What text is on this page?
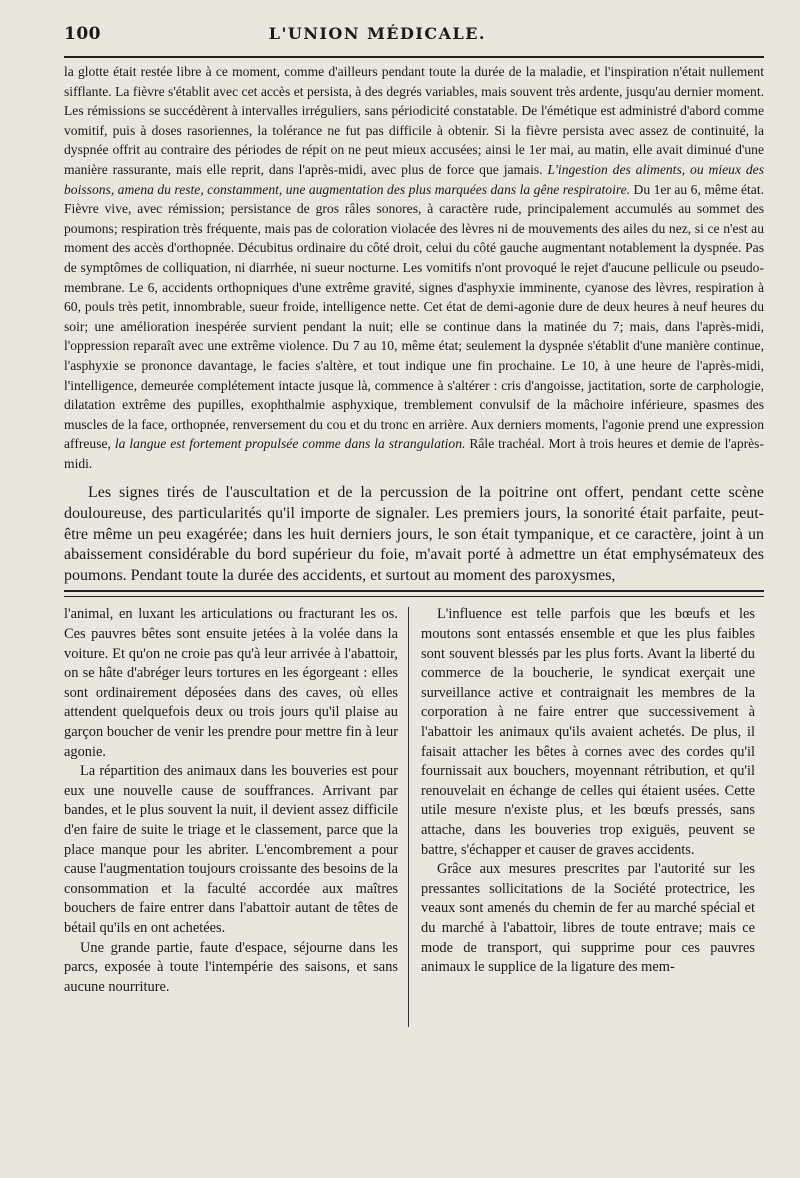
100	L'UNION MÉDICALE.

la glotte était restée libre à ce moment, comme d'ailleurs pendant toute la durée de la maladie, et l'inspiration n'était nullement sifflante. La fièvre s'établit avec cet accès et persista, à des degrés variables, mais souvent très ardente, jusqu'au dernier moment. Les rémissions se succédèrent à intervalles irréguliers, sans périodicité constatable. De l'émétique est administré d'abord comme vomitif, puis à doses rasoriennes, la tolérance ne fut pas difficile à obtenir. Si la fièvre persista avec assez de continuité, la dyspnée offrit au contraire des périodes de répit on ne peut mieux accusées; ainsi le 1er mai, au matin, elle avait diminué d'une manière rassurante, mais elle reprit, dans l'après-midi, avec plus de force que jamais. L'ingestion des aliments, ou mieux des boissons, amena du reste, constamment, une augmentation des plus marquées dans la gêne respiratoire. Du 1er au 6, même état. Fièvre vive, avec rémission; persistance de gros râles sonores, à caractère rude, principalement accumulés au sommet des poumons; respiration très fréquente, mais pas de coloration violacée des lèvres ni de mouvements des ailes du nez, si ce n'est au moment des accès d'orthopnée. Décubitus ordinaire du côté droit, celui du côté gauche augmentant notablement la dyspnée. Pas de symptômes de colliquation, ni diarrhée, ni sueur nocturne. Les vomitifs n'ont provoqué le rejet d'aucune pellicule ou pseudo-membrane. Le 6, accidents orthopniques d'une extrême gravité, signes d'asphyxie imminente, cyanose des lèvres, respiration à 60, pouls très petit, innombrable, sueur froide, intelligence nette. Cet état de demi-agonie dure de deux heures à neuf heures du soir; une amélioration inespérée survient pendant la nuit; elle se continue dans la matinée du 7; mais, dans l'après-midi, l'oppression reparaît avec une extrême violence. Du 7 au 10, même état; seulement la dyspnée s'établit d'une manière continue, l'asphyxie se prononce davantage, le facies s'altère, et tout indique une fin prochaine. Le 10, à une heure de l'après-midi, l'intelligence, demeurée complétement intacte jusque là, commence à s'altérer : cris d'angoisse, jactitation, sorte de carphologie, dilatation extrême des pupilles, exophthalmie asphyxique, tremblement convulsif de la mâchoire inférieure, spasmes des muscles de la face, orthopnée, renversement du cou et du tronc en arrière. Aux derniers moments, l'agonie prend une expression affreuse, la langue est fortement propulsée comme dans la strangulation. Râle trachéal. Mort à trois heures et demie de l'après-midi.

Les signes tirés de l'auscultation et de la percussion de la poitrine ont offert, pendant cette scène douloureuse, des particularités qu'il importe de signaler. Les premiers jours, la sonorité était parfaite, peut-être même un peu exagérée; dans les huit derniers jours, le son était tympanique, et ce caractère, joint à un abaissement considérable du bord supérieur du foie, m'avait porté à admettre un état emphysémateux des poumons. Pendant toute la durée des accidents, et surtout au moment des paroxysmes,

l'animal, en luxant les articulations ou fracturant les os. Ces pauvres bêtes sont ensuite jetées à la volée dans la voiture. Et qu'on ne croie pas qu'à leur arrivée à l'abattoir, on se hâte d'abréger leurs tortures en les égorgeant : elles sont ordinairement déposées dans des caves, où elles attendent quelquefois deux ou trois jours qu'il plaise au garçon boucher de venir les prendre pour mettre fin à leur agonie.

La répartition des animaux dans les bouveries est pour eux une nouvelle cause de souffrances. Arrivant par bandes, et le plus souvent la nuit, il devient assez difficile d'en faire de suite le triage et le classement, parce que la place manque pour les abriter. L'encombrement a pour cause l'augmentation toujours croissante des besoins de la consommation et la faculté accordée aux maîtres bouchers de faire entrer dans l'abattoir autant de têtes de bétail qu'ils en ont achetées.

Une grande partie, faute d'espace, séjourne dans les parcs, exposée à toute l'intempérie des saisons, et sans aucune nourriture.

L'influence est telle parfois que les bœufs et les moutons sont entassés ensemble et que les plus faibles sont souvent blessés par les plus forts. Avant la liberté du commerce de la boucherie, le syndicat exerçait une surveillance active et contraignait les membres de la corporation à ne faire entrer que successivement à l'abattoir les animaux qu'ils avaient achetés. De plus, il faisait attacher les bêtes à cornes avec des cordes qu'il fournissait aux bouchers, moyennant rétribution, et qu'il renouvelait en échange de celles qui étaient usées. Cette utile mesure n'existe plus, et les bœufs pressés, sans attache, dans les bouveries trop exiguës, peuvent se battre, s'échapper et causer de graves accidents.

Grâce aux mesures prescrites par l'autorité sur les pressantes sollicitations de la Société protectrice, les veaux sont amenés du chemin de fer au marché spécial et du marché à l'abattoir, libres de toute entrave; mais ce mode de transport, qui supprime pour ces pauvres animaux le supplice de la ligature des mem-
